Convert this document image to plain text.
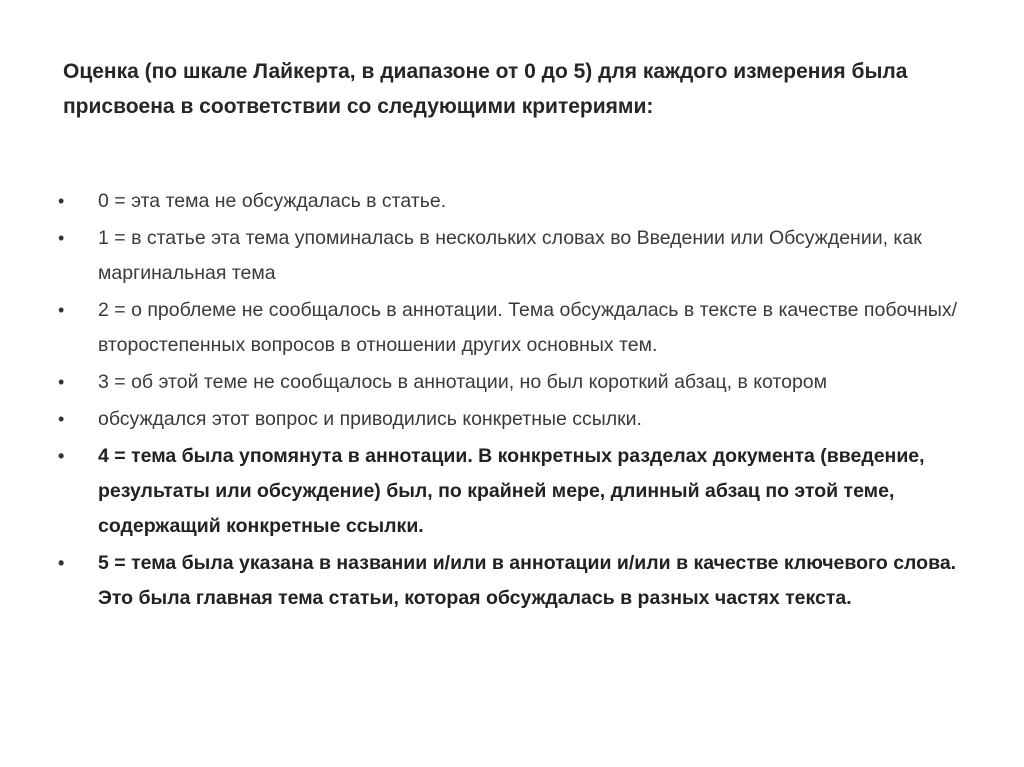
Оценка (по шкале Лайкерта, в диапазоне от 0 до 5) для каждого измерения была присвоена в соответствии со следующими критериями:

• 0 = эта тема не обсуждалась в статье.
• 1 = в статье эта тема упоминалась в нескольких словах во Введении или Обсуждении, как маргинальная тема
• 2 = о проблеме не сообщалось в аннотации. Тема обсуждалась в тексте в качестве побочных/второстепенных вопросов в отношении других основных тем.
• 3 = об этой теме не сообщалось в аннотации, но был короткий абзац, в котором
• обсуждался этот вопрос и приводились конкретные ссылки.
• 4 = тема была упомянута в аннотации. В конкретных разделах документа (введение, результаты или обсуждение) был, по крайней мере, длинный абзац по этой теме, содержащий конкретные ссылки.
• 5 = тема была указана в названии и/или в аннотации и/или в качестве ключевого слова. Это была главная тема статьи, которая обсуждалась в разных частях текста.
